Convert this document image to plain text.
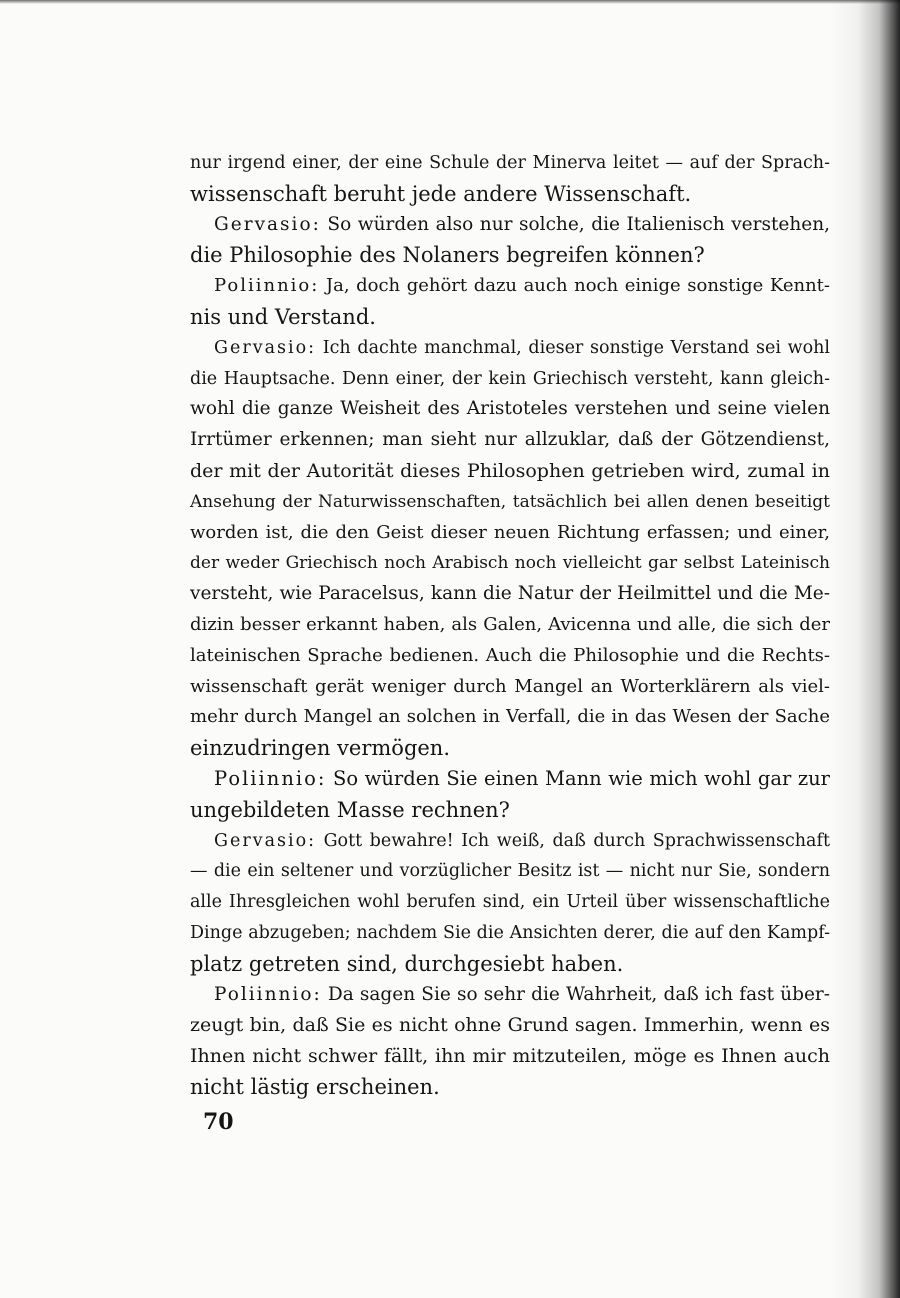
nur irgend einer, der eine Schule der Minerva leitet — auf der Sprach-
wissenschaft beruht jede andere Wissenschaft.
Gervasio: So würden also nur solche, die Italienisch verstehen,
die Philosophie des Nolaners begreifen können?
Poliinnio: Ja, doch gehört dazu auch noch einige sonstige Kennt-
nis und Verstand.
Gervasio: Ich dachte manchmal, dieser sonstige Verstand sei wohl
die Hauptsache. Denn einer, der kein Griechisch versteht, kann gleich-
wohl die ganze Weisheit des Aristoteles verstehen und seine vielen
Irrtümer erkennen; man sieht nur allzuklar, daß der Götzendienst,
der mit der Autorität dieses Philosophen getrieben wird, zumal in
Ansehung der Naturwissenschaften, tatsächlich bei allen denen beseitigt
worden ist, die den Geist dieser neuen Richtung erfassen; und einer,
der weder Griechisch noch Arabisch noch vielleicht gar selbst Lateinisch
versteht, wie Paracelsus, kann die Natur der Heilmittel und die Me-
dizin besser erkannt haben, als Galen, Avicenna und alle, die sich der
lateinischen Sprache bedienen. Auch die Philosophie und die Rechts-
wissenschaft gerät weniger durch Mangel an Worterklärern als viel-
mehr durch Mangel an solchen in Verfall, die in das Wesen der Sache
einzudringen vermögen.
Poliinnio: So würden Sie einen Mann wie mich wohl gar zur
ungebildeten Masse rechnen?
Gervasio: Gott bewahre! Ich weiß, daß durch Sprachwissenschaft
— die ein seltener und vorzüglicher Besitz ist — nicht nur Sie, sondern
alle Ihresgleichen wohl berufen sind, ein Urteil über wissenschaftliche
Dinge abzugeben; nachdem Sie die Ansichten derer, die auf den Kampf-
platz getreten sind, durchgesiebt haben.
Poliinnio: Da sagen Sie so sehr die Wahrheit, daß ich fast über-
zeugt bin, daß Sie es nicht ohne Grund sagen. Immerhin, wenn es
Ihnen nicht schwer fällt, ihn mir mitzuteilen, möge es Ihnen auch
nicht lästig erscheinen.
70
